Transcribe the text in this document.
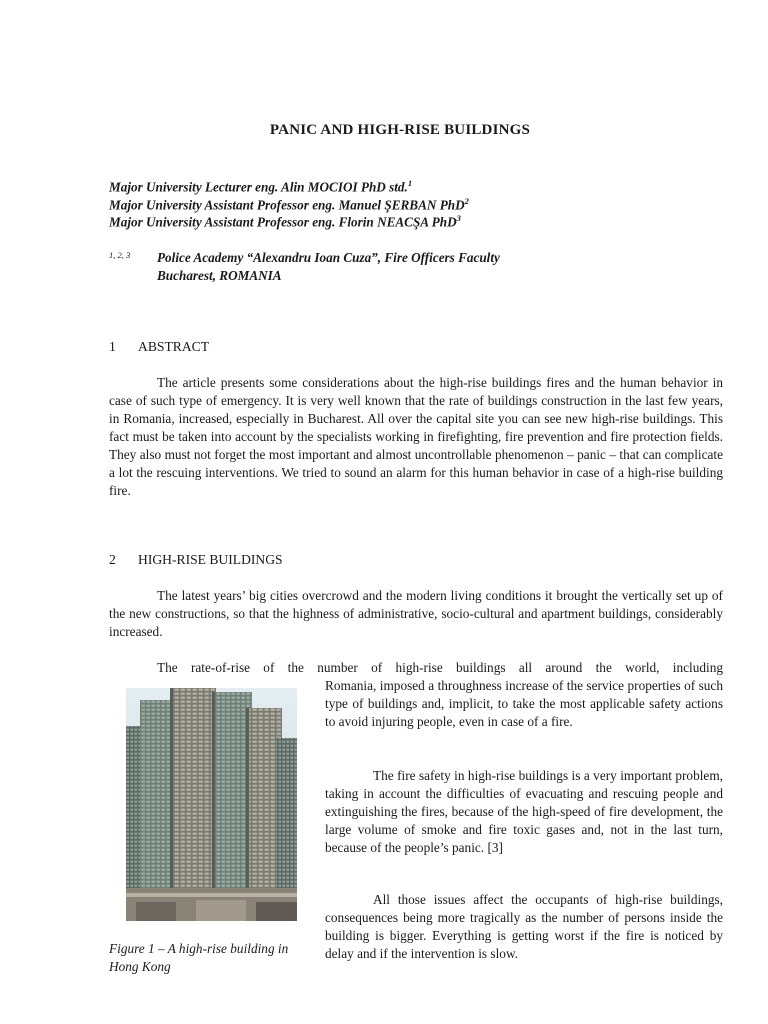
PANIC AND HIGH-RISE BUILDINGS
Major University Lecturer eng. Alin MOCIOI PhD std.$^1$
Major University Assistant Professor eng. Manuel ŞERBAN PhD$^2$
Major University Assistant Professor eng. Florin NEACŞA PhD$^3$
1, 2, 3 Police Academy “Alexandru Ioan Cuza”, Fire Officers Faculty
Bucharest, ROMANIA
1 ABSTRACT
The article presents some considerations about the high-rise buildings fires and the human behavior in case of such type of emergency. It is very well known that the rate of buildings construction in the last few years, in Romania, increased, especially in Bucharest. All over the capital site you can see new high-rise buildings. This fact must be taken into account by the specialists working in firefighting, fire prevention and fire protection fields. They also must not forget the most important and almost uncontrollable phenomenon – panic – that can complicate a lot the rescuing interventions. We tried to sound an alarm for this human behavior in case of a high-rise building fire.
2 HIGH-RISE BUILDINGS
The latest years’ big cities overcrowd and the modern living conditions it brought the vertically set up of the new constructions, so that the highness of administrative, socio-cultural and apartment buildings, considerably increased.
The rate-of-rise of the number of high-rise buildings all around the world, including
Romania, imposed a throughness increase of the service properties of such type of buildings and, implicit, to take the most applicable safety actions to avoid injuring people, even in case of a fire.
The fire safety in high-rise buildings is a very important problem, taking in account the difficulties of evacuating and rescuing people and extinguishing the fires, because of the high-speed of fire development, the large volume of smoke and fire toxic gases and, not in the last turn, because of the people’s panic. [3]
All those issues affect the occupants of high-rise buildings, consequences being more tragically as the number of persons inside the building is bigger. Everything is getting worst if the fire is noticed by delay and if the intervention is slow.
Figure 1 – A high-rise building in Hong Kong
